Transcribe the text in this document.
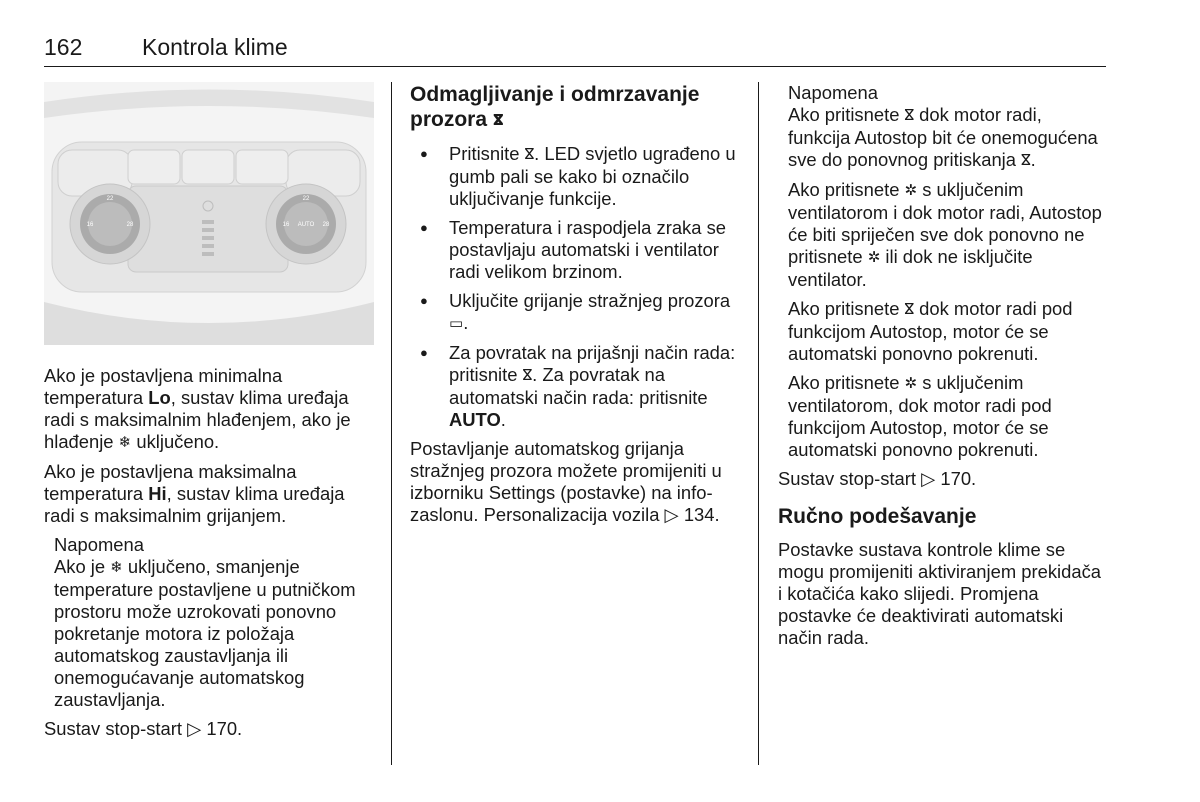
162	Kontrola klime
22
16	28
22
16	28
AUTO

Ako je postavljena minimalna temperatura Lo, sustav klima uređaja radi s maksimalnim hlađenjem, ako je hlađenje ❄ uključeno.

Ako je postavljena maksimalna temperatura Hi, sustav klima uređaja radi s maksimalnim grijanjem.

Napomena

Ako je ❄ uključeno, smanjenje temperature postavljene u putničkom prostoru može uzrokovati ponovno pokretanje motora iz položaja automatskog zaustavljanja ili onemogućavanje automatskog zaustavljanja.

Sustav stop-start ▷ 170.

Odmagljivanje i odmrzavanje prozora ⴵ
● Pritisnite ⴵ. LED svjetlo ugrađeno u gumb pali se kako bi označilo uključivanje funkcije.
● Temperatura i raspodjela zraka se postavljaju automatski i ventilator radi velikom brzinom.
● Uključite grijanje stražnjeg prozora ▭.
● Za povratak na prijašnji način rada: pritisnite ⴵ. Za povratak na automatski način rada: pritisnite AUTO.

Postavljanje automatskog grijanja stražnjeg prozora možete promijeniti u izborniku Settings (postavke) na info-zaslonu. Personalizacija vozila ▷ 134.

Napomena

Ako pritisnete ⴵ dok motor radi, funkcija Autostop bit će onemogućena sve do ponovnog pritiskanja ⴵ.

Ako pritisnete ✲ s uključenim ventilatorom i dok motor radi, Autostop će biti spriječen sve dok ponovno ne pritisnete ✲ ili dok ne isključite ventilator.

Ako pritisnete ⴵ dok motor radi pod funkcijom Autostop, motor će se automatski ponovno pokrenuti.

Ako pritisnete ✲ s uključenim ventilatorom, dok motor radi pod funkcijom Autostop, motor će se automatski ponovno pokrenuti.

Sustav stop-start ▷ 170.

Ručno podešavanje

Postavke sustava kontrole klime se mogu promijeniti aktiviranjem prekidača i kotačića kako slijedi. Promjena postavke će deaktivirati automatski način rada.
